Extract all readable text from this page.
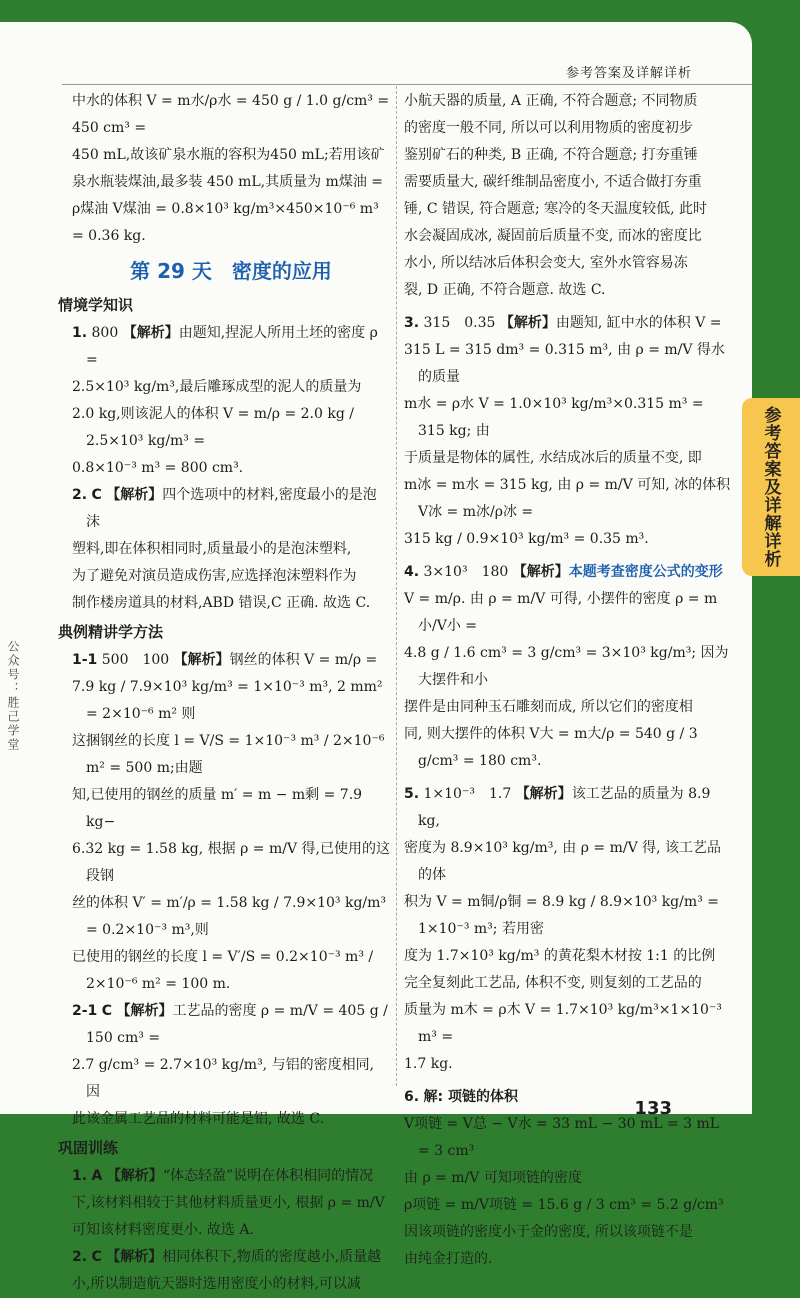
参考答案及详解详析

中水的体积 V = m水/ρ水 = 450 g / 1.0 g/cm³ = 450 cm³ =

450 mL,故该矿泉水瓶的容积为450 mL;若用该矿

泉水瓶装煤油,最多装 450 mL,其质量为 m煤油 =

ρ煤油 V煤油 = 0.8×10³ kg/m³×450×10⁻⁶ m³ = 0.36 kg.

第 29 天　密度的应用
情境学知识
1. 800 【解析】由题知,捏泥人所用土坯的密度 ρ =

2.5×10³ kg/m³,最后雕琢成型的泥人的质量为

2.0 kg,则该泥人的体积 V = m/ρ = 2.0 kg / 2.5×10³ kg/m³ =

0.8×10⁻³ m³ = 800 cm³.

2. C 【解析】四个选项中的材料,密度最小的是泡沫

塑料,即在体积相同时,质量最小的是泡沫塑料,

为了避免对演员造成伤害,应选择泡沫塑料作为

制作楼房道具的材料,ABD 错误,C 正确. 故选 C.

典例精讲学方法
1-1 500　100 【解析】钢丝的体积 V = m/ρ =

7.9 kg / 7.9×10³ kg/m³ = 1×10⁻³ m³, 2 mm² = 2×10⁻⁶ m² 则

这捆钢丝的长度 l = V/S = 1×10⁻³ m³ / 2×10⁻⁶ m² = 500 m;由题

知,已使用的钢丝的质量 m′ = m − m剩 = 7.9 kg−

6.32 kg = 1.58 kg, 根据 ρ = m/V 得,已使用的这段钢

丝的体积 V′ = m′/ρ = 1.58 kg / 7.9×10³ kg/m³ = 0.2×10⁻³ m³,则

已使用的钢丝的长度 l = V′/S = 0.2×10⁻³ m³ / 2×10⁻⁶ m² = 100 m.

2-1 C 【解析】工艺品的密度 ρ = m/V = 405 g / 150 cm³ =

2.7 g/cm³ = 2.7×10³ kg/m³, 与铝的密度相同, 因

此该金属工艺品的材料可能是铝, 故选 C.

巩固训练
1. A 【解析】“体态轻盈”说明在体积相同的情况

下,该材料相较于其他材料质量更小, 根据 ρ = m/V

可知该材料密度更小. 故选 A.

2. C 【解析】相同体积下,物质的密度越小,质量越

小,所以制造航天器时选用密度小的材料,可以减

小航天器的质量, A 正确, 不符合题意; 不同物质

的密度一般不同, 所以可以利用物质的密度初步

鉴别矿石的种类, B 正确, 不符合题意; 打夯重锤

需要质量大, 碳纤维制品密度小, 不适合做打夯重

锤, C 错误, 符合题意; 寒冷的冬天温度较低, 此时

水会凝固成冰, 凝固前后质量不变, 而冰的密度比

水小, 所以结冰后体积会变大, 室外水管容易冻

裂, D 正确, 不符合题意. 故选 C.

3. 315　0.35 【解析】由题知, 缸中水的体积 V =

315 L = 315 dm³ = 0.315 m³, 由 ρ = m/V 得水的质量

m水 = ρ水 V = 1.0×10³ kg/m³×0.315 m³ = 315 kg; 由

于质量是物体的属性, 水结成冰后的质量不变, 即

m冰 = m水 = 315 kg, 由 ρ = m/V 可知, 冰的体积 V冰 = m冰/ρ冰 =

315 kg / 0.9×10³ kg/m³ = 0.35 m³.

4. 3×10³　180 【解析】本题考查密度公式的变形

V = m/ρ. 由 ρ = m/V 可得, 小摆件的密度 ρ = m小/V小 =

4.8 g / 1.6 cm³ = 3 g/cm³ = 3×10³ kg/m³; 因为大摆件和小

摆件是由同种玉石雕刻而成, 所以它们的密度相

同, 则大摆件的体积 V大 = m大/ρ = 540 g / 3 g/cm³ = 180 cm³.

5. 1×10⁻³　1.7 【解析】该工艺品的质量为 8.9 kg,

密度为 8.9×10³ kg/m³, 由 ρ = m/V 得, 该工艺品的体

积为 V = m铜/ρ铜 = 8.9 kg / 8.9×10³ kg/m³ = 1×10⁻³ m³; 若用密

度为 1.7×10³ kg/m³ 的黄花梨木材按 1:1 的比例

完全复刻此工艺品, 体积不变, 则复刻的工艺品的

质量为 m木 = ρ木 V = 1.7×10³ kg/m³×1×10⁻³ m³ =

1.7 kg.

6. 解: 项链的体积

V项链 = V总 − V水 = 33 mL − 30 mL = 3 mL = 3 cm³

由 ρ = m/V 可知项链的密度

ρ项链 = m/V项链 = 15.6 g / 3 cm³ = 5.2 g/cm³

因该项链的密度小于金的密度, 所以该项链不是

由纯金打造的.

133
参考答案及详解详析
公众号：胜己学堂
